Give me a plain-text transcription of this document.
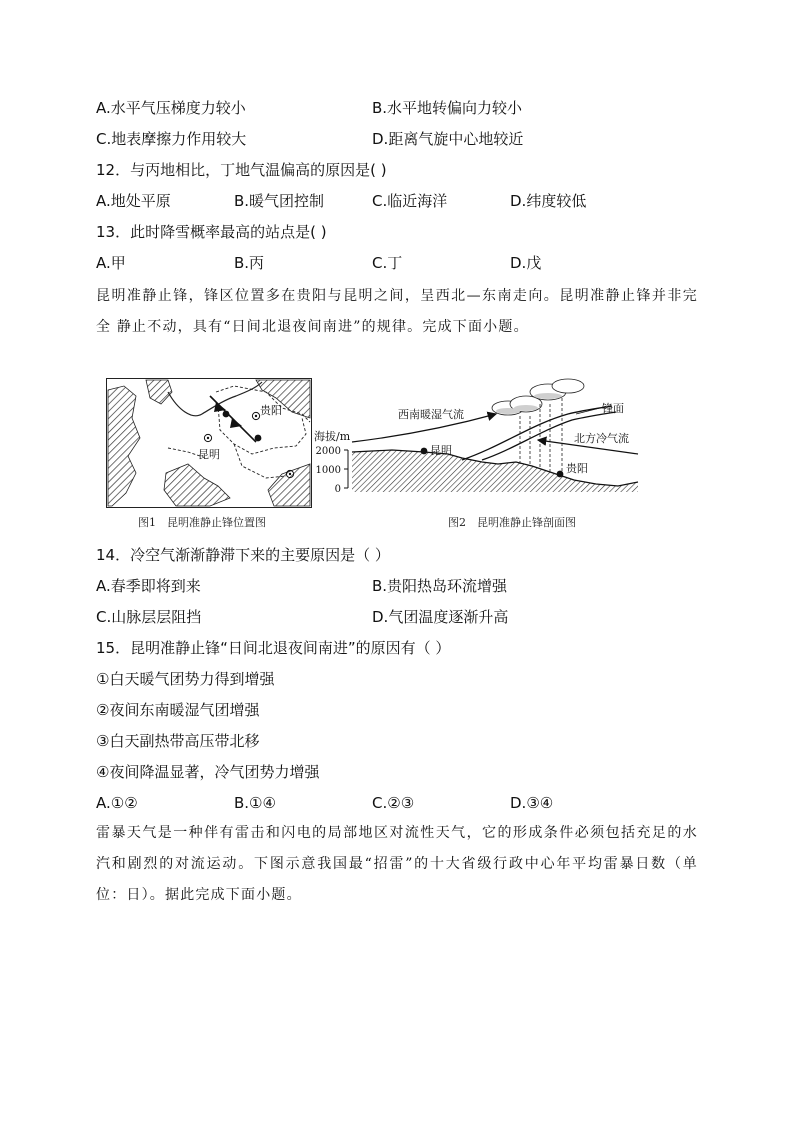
A.水平气压梯度力较小	B.水平地转偏向力较小
C.地表摩擦力作用较大	D.距离气旋中心地较近
12．与丙地相比，丁地气温偏高的原因是( )
A.地处平原	B.暖气团控制	C.临近海洋	D.纬度较低
13．此时降雪概率最高的站点是( )
A.甲	B.丙	C.丁	D.戊
昆明准静止锋，锋区位置多在贵阳与昆明之间，呈西北—东南走向。昆明准静止锋并非完全 静止不动，具有“日间北退夜间南进”的规律。完成下面小题。
贵阳
昆明
图1　昆明准静止锋位置图
海拔/m
2000
1000
0
西南暖湿气流	锋面
北方冷气流
昆明
贵阳
图2　昆明准静止锋剖面图
14．冷空气渐渐静滞下来的主要原因是（ ）
A.春季即将到来	B.贵阳热岛环流增强
C.山脉层层阻挡	D.气团温度逐渐升高
15．昆明准静止锋“日间北退夜间南进”的原因有（ ）
①白天暖气团势力得到增强
②夜间东南暖湿气团增强
③白天副热带高压带北移
④夜间降温显著，冷气团势力增强
A.①②	B.①④	C.②③	D.③④
雷暴天气是一种伴有雷击和闪电的局部地区对流性天气，它的形成条件必须包括充足的水汽和剧烈的对流运动。下图示意我国最“招雷”的十大省级行政中心年平均雷暴日数（单位：日）。据此完成下面小题。
